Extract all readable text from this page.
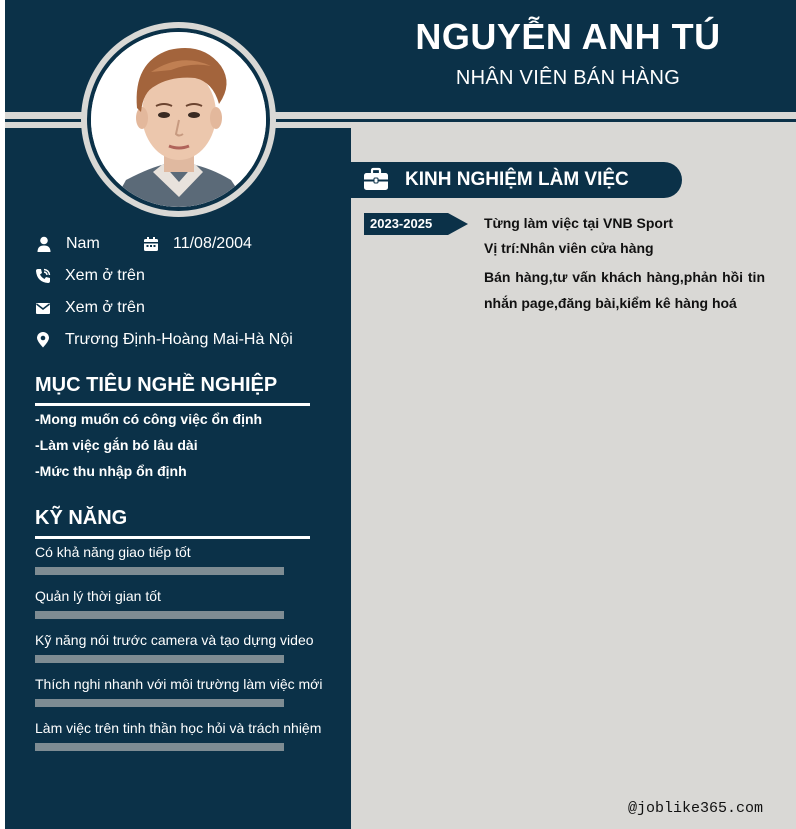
NGUYỄN ANH TÚ
NHÂN VIÊN BÁN HÀNG
Nam	11/08/2004
Xem ở trên
Xem ở trên
Trương Định-Hoàng Mai-Hà Nội
MỤC TIÊU NGHỀ NGHIỆP
-Mong muốn có công việc ổn định
-Làm việc gắn bó lâu dài
-Mức thu nhập ổn định
KỸ NĂNG
Có khả năng giao tiếp tốt
Quản lý thời gian tốt
Kỹ năng nói trước camera và tạo dựng video
Thích nghi nhanh với môi trường làm việc mới
Làm việc trên tinh thần học hỏi và trách nhiệm
KINH NGHIỆM LÀM VIỆC
2023-2025	Từng làm việc tại VNB Sport
Vị trí:Nhân viên cửa hàng
Bán hàng,tư vấn khách hàng,phản hồi tin nhắn page,đăng bài,kiểm kê hàng hoá
@joblike365.com
